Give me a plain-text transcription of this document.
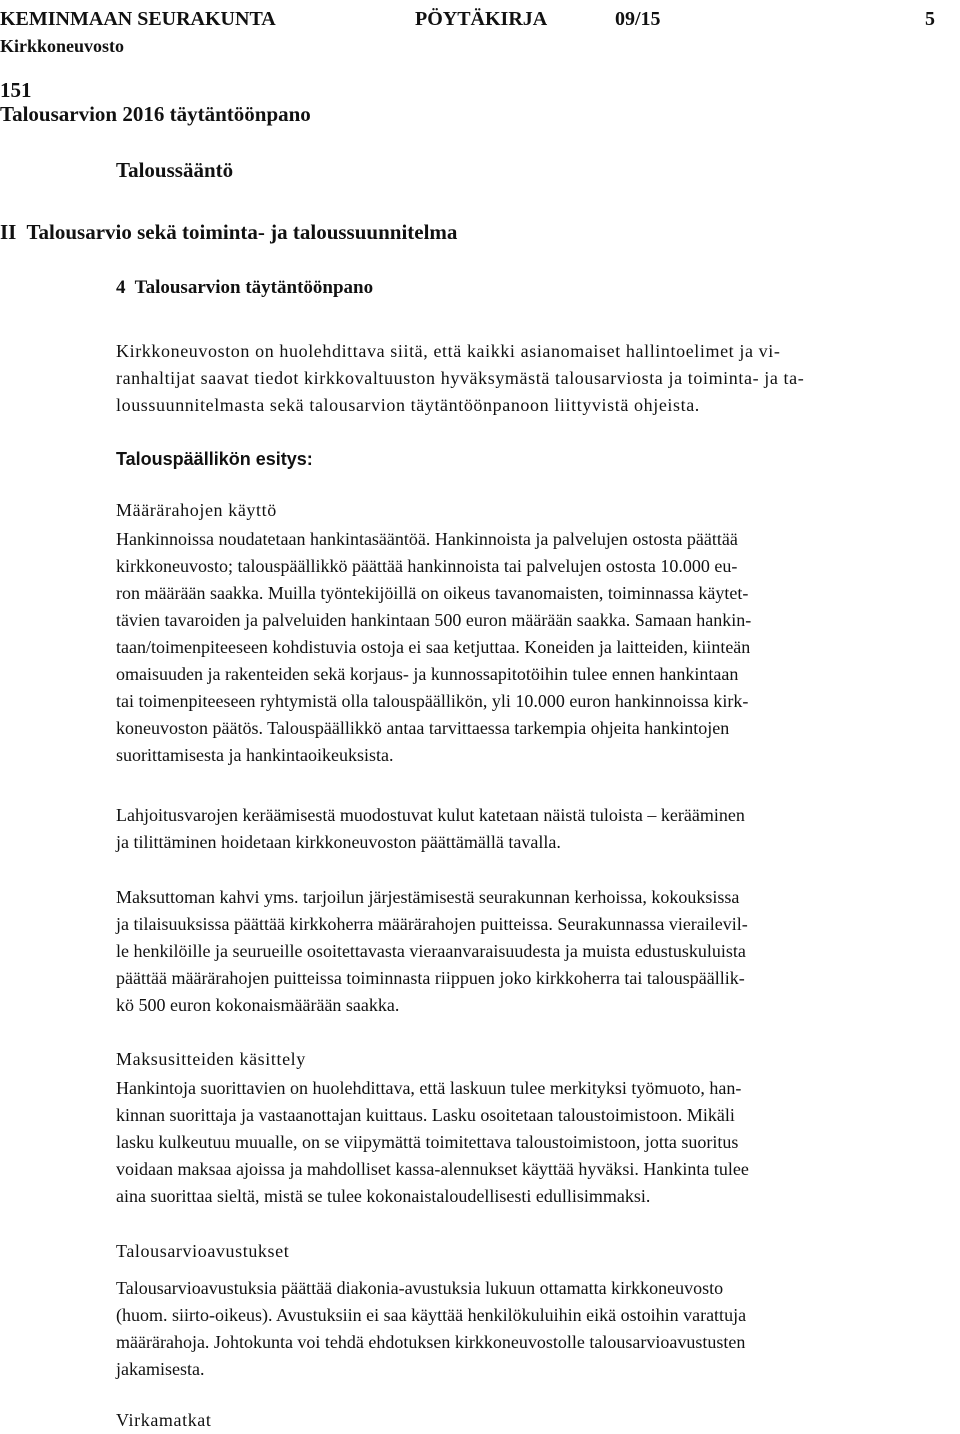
KEMINMAAN SEURAKUNTA	PÖYTÄKIRJA	09/15	5
Kirkkoneuvosto
151
Talousarvion 2016 täytäntöönpano
Taloussääntö
II  Talousarvio sekä toiminta- ja taloussuunnitelma
4  Talousarvion täytäntöönpano
Kirkkoneuvoston on huolehdittava siitä, että kaikki asianomaiset hallintoelimet ja vi-
ranhaltijat saavat tiedot kirkkovaltuuston hyväksymästä talousarviosta ja toiminta- ja ta-
loussuunnitelmasta sekä talousarvion täytäntöönpanoon liittyvistä ohjeista.
Talouspäällikön esitys:
Määrärahojen käyttö
Hankinnoissa noudatetaan hankintasääntöä. Hankinnoista ja palvelujen ostosta päättää
kirkkoneuvosto; talouspäällikkö päättää hankinnoista tai palvelujen ostosta 10.000 eu-
ron määrään saakka. Muilla työntekijöillä on oikeus tavanomaisten, toiminnassa käytet-
tävien tavaroiden ja palveluiden hankintaan 500 euron määrään saakka. Samaan hankin-
taan/toimenpiteeseen kohdistuvia ostoja ei saa ketjuttaa. Koneiden ja laitteiden, kiinteän
omaisuuden ja rakenteiden sekä korjaus- ja kunnossapitotöihin tulee ennen hankintaan
tai toimenpiteeseen ryhtymistä olla talouspäällikön, yli 10.000 euron hankinnoissa kirk-
koneuvoston päätös. Talouspäällikkö antaa tarvittaessa tarkempia ohjeita hankintojen
suorittamisesta ja hankintaoikeuksista.
Lahjoitusvarojen keräämisestä muodostuvat kulut katetaan näistä tuloista – kerääminen
ja tilittäminen hoidetaan kirkkoneuvoston päättämällä tavalla.
Maksuttoman kahvi yms. tarjoilun järjestämisestä seurakunnan kerhoissa, kokouksissa
ja tilaisuuksissa päättää kirkkoherra määrärahojen puitteissa. Seurakunnassa vierailevil-
le henkilöille ja seurueille osoitettavasta vieraanvaraisuudesta ja muista edustuskuluista
päättää määrärahojen puitteissa toiminnasta riippuen joko kirkkoherra tai talouspäällik-
kö 500 euron kokonaismäärään saakka.
Maksusitteiden käsittely
Hankintoja suorittavien on huolehdittava, että laskuun tulee merkityksi työmuoto, han-
kinnan suorittaja ja vastaanottajan kuittaus. Lasku osoitetaan taloustoimistoon. Mikäli
lasku kulkeutuu muualle, on se viipymättä toimitettava taloustoimistoon, jotta suoritus
voidaan maksaa ajoissa ja mahdolliset kassa-alennukset käyttää hyväksi. Hankinta tulee
aina suorittaa sieltä, mistä se tulee kokonaistaloudellisesti edullisimmaksi.
Talousarvioavustukset
Talousarvioavustuksia päättää diakonia-avustuksia lukuun ottamatta kirkkoneuvosto
(huom. siirto-oikeus). Avustuksiin ei saa käyttää henkilökuluihin eikä ostoihin varattuja
määrärahoja. Johtokunta voi tehdä ehdotuksen kirkkoneuvostolle talousarvioavustusten
jakamisesta.
Virkamatkat
